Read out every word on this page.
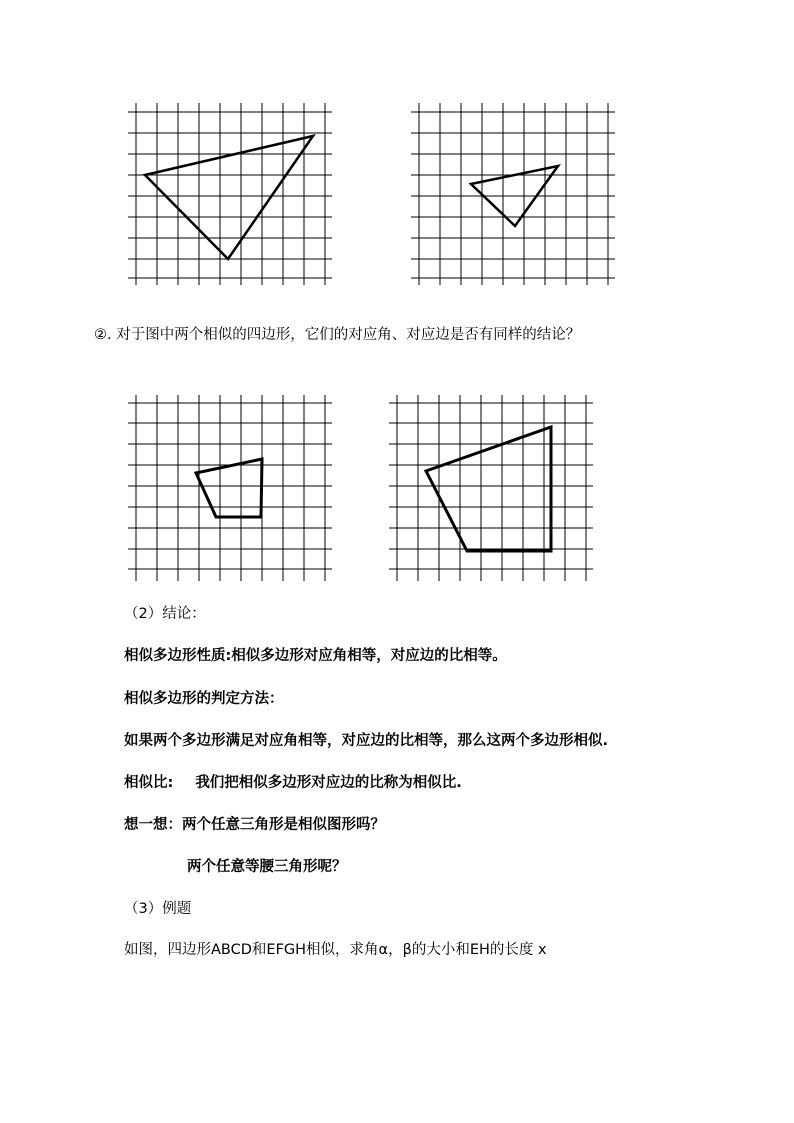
②. 对于图中两个相似的四边形，它们的对应角、对应边是否有同样的结论？
（2）结论：
相似多边形性质:相似多边形对应角相等，对应边的比相等。
相似多边形的判定方法：
如果两个多边形满足对应角相等，对应边的比相等，那么这两个多边形相似.
相似比: 我们把相似多边形对应边的比称为相似比.
想一想：两个任意三角形是相似图形吗？
两个任意等腰三角形呢？
（3）例题
如图，四边形ABCD和EFGH相似，求角α，β的大小和EH的长度 x
